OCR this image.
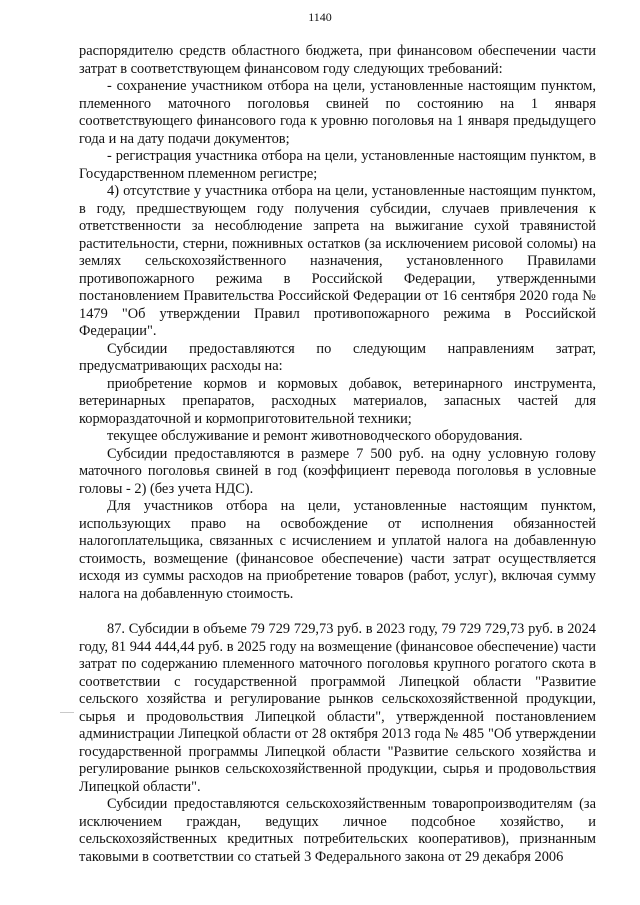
1140

распорядителю средств областного бюджета, при финансовом обеспечении части затрат в соответствующем финансовом году следующих требований:

- сохранение участником отбора на цели, установленные настоящим пунктом, племенного маточного поголовья свиней по состоянию на 1 января соответствующего финансового года к уровню поголовья на 1 января предыдущего года и на дату подачи документов;

- регистрация участника отбора на цели, установленные настоящим пунктом, в Государственном племенном регистре;

4) отсутствие у участника отбора на цели, установленные настоящим пунктом, в году, предшествующем году получения субсидии, случаев привлечения к ответственности за несоблюдение запрета на выжигание сухой травянистой растительности, стерни, пожнивных остатков (за исключением рисовой соломы) на землях сельскохозяйственного назначения, установленного Правилами противопожарного режима в Российской Федерации, утвержденными постановлением Правительства Российской Федерации от 16 сентября 2020 года № 1479 "Об утверждении Правил противопожарного режима в Российской Федерации".

Субсидии предоставляются по следующим направлениям затрат, предусматривающих расходы на:

приобретение кормов и кормовых добавок, ветеринарного инструмента, ветеринарных препаратов, расходных материалов, запасных частей для кормораздаточной и кормоприготовительной техники;

текущее обслуживание и ремонт животноводческого оборудования.

Субсидии предоставляются в размере 7 500 руб. на одну условную голову маточного поголовья свиней в год (коэффициент перевода поголовья в условные головы - 2) (без учета НДС).

Для участников отбора на цели, установленные настоящим пунктом, использующих право на освобождение от исполнения обязанностей налогоплательщика, связанных с исчислением и уплатой налога на добавленную стоимость, возмещение (финансовое обеспечение) части затрат осуществляется исходя из суммы расходов на приобретение товаров (работ, услуг), включая сумму налога на добавленную стоимость.

87. Субсидии в объеме 79 729 729,73 руб. в 2023 году, 79 729 729,73 руб. в 2024 году, 81 944 444,44 руб. в 2025 году на возмещение (финансовое обеспечение) части затрат по содержанию племенного маточного поголовья крупного рогатого скота в соответствии с государственной программой Липецкой области "Развитие сельского хозяйства и регулирование рынков сельскохозяйственной продукции, сырья и продовольствия Липецкой области", утвержденной постановлением администрации Липецкой области от 28 октября 2013 года № 485 "Об утверждении государственной программы Липецкой области "Развитие сельского хозяйства и регулирование рынков сельскохозяйственной продукции, сырья и продовольствия Липецкой области".

Субсидии предоставляются сельскохозяйственным товаропроизводителям (за исключением граждан, ведущих личное подсобное хозяйство, и сельскохозяйственных кредитных потребительских кооперативов), признанным таковыми в соответствии со статьей 3 Федерального закона от 29 декабря 2006
